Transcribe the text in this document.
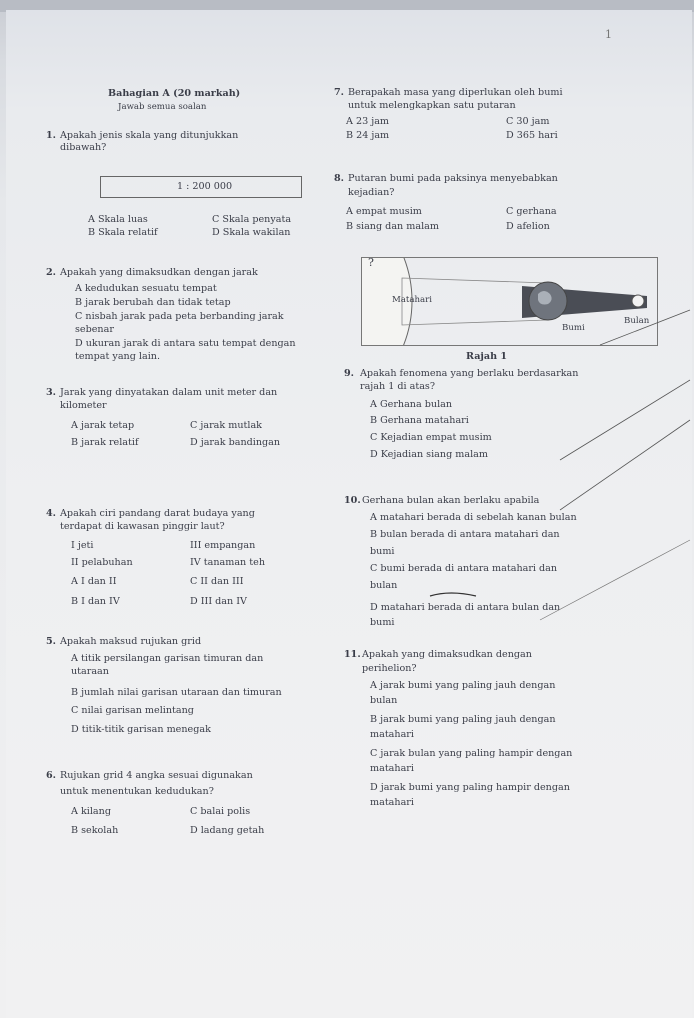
1
Bahagian A (20 markah)
Jawab semua soalan
1. Apakah jenis skala yang ditunjukkan
dibawah?
1 : 200 000
A Skala luas	C Skala penyata
B Skala relatif	D Skala wakilan
2. Apakah yang dimaksudkan dengan jarak
A kedudukan sesuatu tempat
B jarak berubah dan tidak tetap
C nisbah jarak pada peta berbanding jarak
sebenar
D ukuran jarak di antara satu tempat dengan
tempat yang lain.
3. Jarak yang dinyatakan dalam unit meter dan
kilometer
A jarak tetap	C jarak mutlak
B jarak relatif	D jarak bandingan
4. Apakah ciri pandang darat budaya yang
terdapat di kawasan pinggir laut?
I jeti	III empangan
II pelabuhan	IV tanaman teh
A I dan II	C II dan III
B I dan IV	D III dan IV
5. Apakah maksud rujukan grid
A titik persilangan garisan timuran dan
utaraan
B jumlah nilai garisan utaraan dan timuran
C nilai garisan melintang
D titik-titik garisan menegak
6. Rujukan grid 4 angka sesuai digunakan
untuk menentukan kedudukan?
A kilang	C balai polis
B sekolah	D ladang getah
7. Berapakah masa yang diperlukan oleh bumi
untuk melengkapkan satu putaran
A 23 jam	C 30 jam
B 24 jam	D 365 hari
8. Putaran bumi pada paksinya menyebabkan
kejadian?
A empat musim	C gerhana
B siang dan malam	D afelion
?
Matahari
Bumi
Bulan
Rajah 1
9. Apakah fenomena yang berlaku berdasarkan
rajah 1 di atas?
A Gerhana bulan
B Gerhana matahari
C Kejadian empat musim
D Kejadian siang malam
10. Gerhana bulan akan berlaku apabila
A matahari berada di sebelah kanan bulan
B bulan berada di antara matahari dan
bumi
C bumi berada di antara matahari dan
bulan
D matahari berada di antara bulan dan
bumi
11. Apakah yang dimaksudkan dengan
perihelion?
A jarak bumi yang paling jauh dengan
bulan
B jarak bumi yang paling jauh dengan
matahari
C jarak bulan yang paling hampir dengan
matahari
D jarak bumi yang paling hampir dengan
matahari
